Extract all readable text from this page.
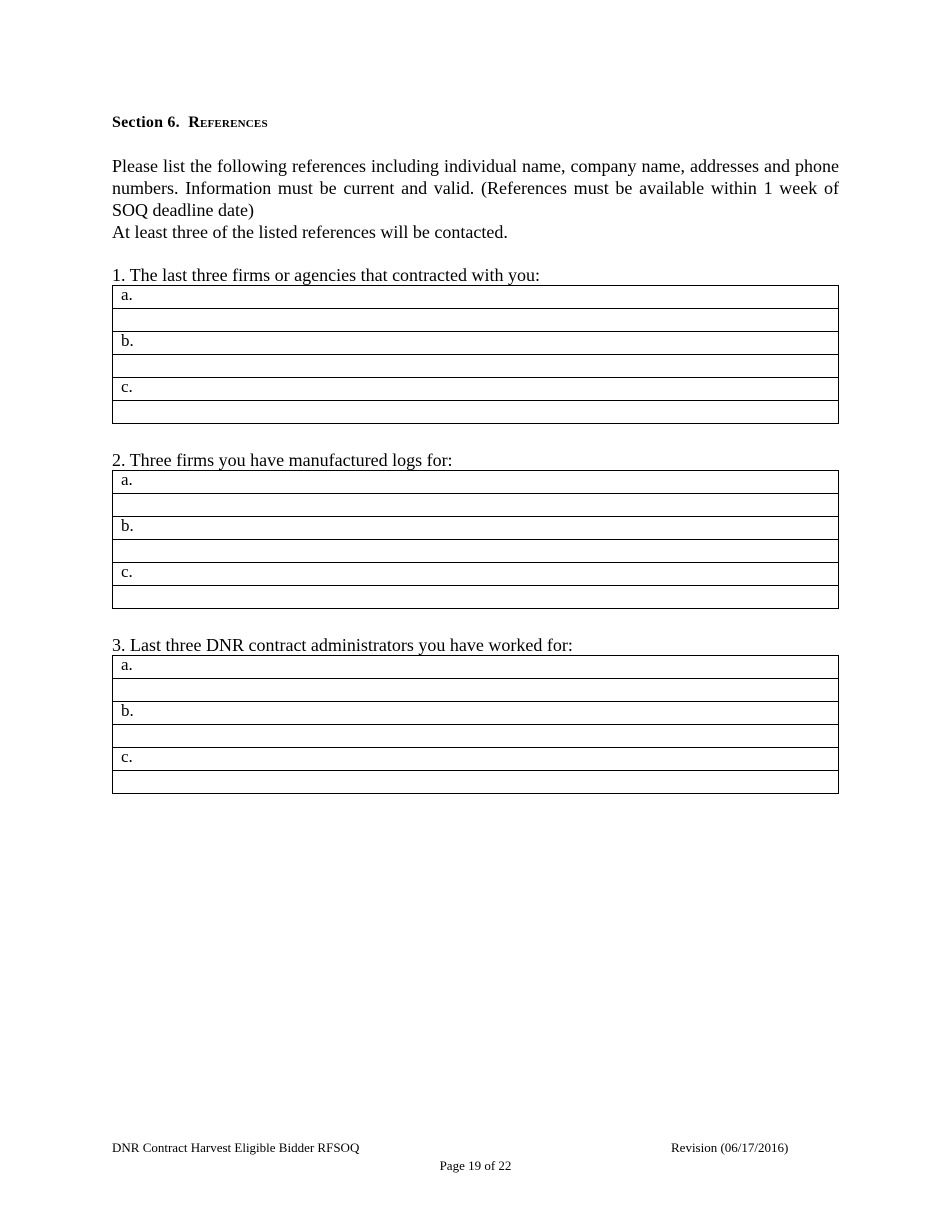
Section 6. References

Please list the following references including individual name, company name, addresses and phone numbers. Information must be current and valid. (References must be available within 1 week of SOQ deadline date)

At least three of the listed references will be contacted.

1. The last three firms or agencies that contracted with you:
a.

b.

c.

2. Three firms you have manufactured logs for:
a.

b.

c.

3. Last three DNR contract administrators you have worked for:
a.

b.

c.

DNR Contract Harvest Eligible Bidder RFSOQ	Revision (06/17/2016)
Page 19 of 22
